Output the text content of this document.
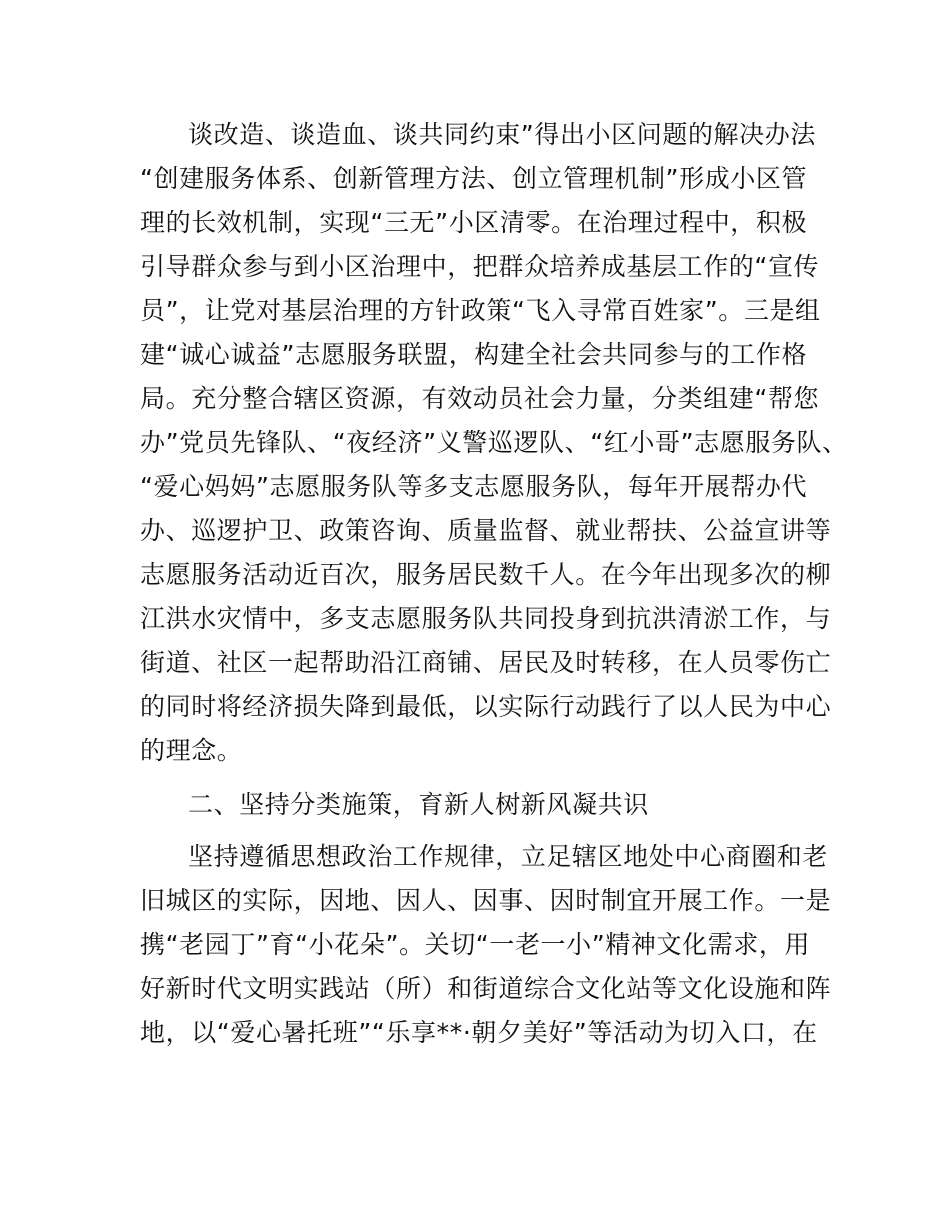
谈改造、谈造血、谈共同约束”得出小区问题的解决办法
“创建服务体系、创新管理方法、创立管理机制”形成小区管
理的长效机制，实现“三无”小区清零。在治理过程中，积极
引导群众参与到小区治理中，把群众培养成基层工作的“宣传
员”，让党对基层治理的方针政策“飞入寻常百姓家”。三是组
建“诚心诚益”志愿服务联盟，构建全社会共同参与的工作格
局。充分整合辖区资源，有效动员社会力量，分类组建“帮您
办”党员先锋队、“夜经济”义警巡逻队、“红小哥”志愿服务队、
“爱心妈妈”志愿服务队等多支志愿服务队，每年开展帮办代
办、巡逻护卫、政策咨询、质量监督、就业帮扶、公益宣讲等
志愿服务活动近百次，服务居民数千人。在今年出现多次的柳
江洪水灾情中，多支志愿服务队共同投身到抗洪清淤工作，与
街道、社区一起帮助沿江商铺、居民及时转移，在人员零伤亡
的同时将经济损失降到最低，以实际行动践行了以人民为中心
的理念。
二、坚持分类施策，育新人树新风凝共识
坚持遵循思想政治工作规律，立足辖区地处中心商圈和老
旧城区的实际，因地、因人、因事、因时制宜开展工作。一是
携“老园丁”育“小花朵”。关切“一老一小”精神文化需求，用
好新时代文明实践站（所）和街道综合文化站等文化设施和阵
地，以“爱心暑托班”“乐享**·朝夕美好”等活动为切入口，在
